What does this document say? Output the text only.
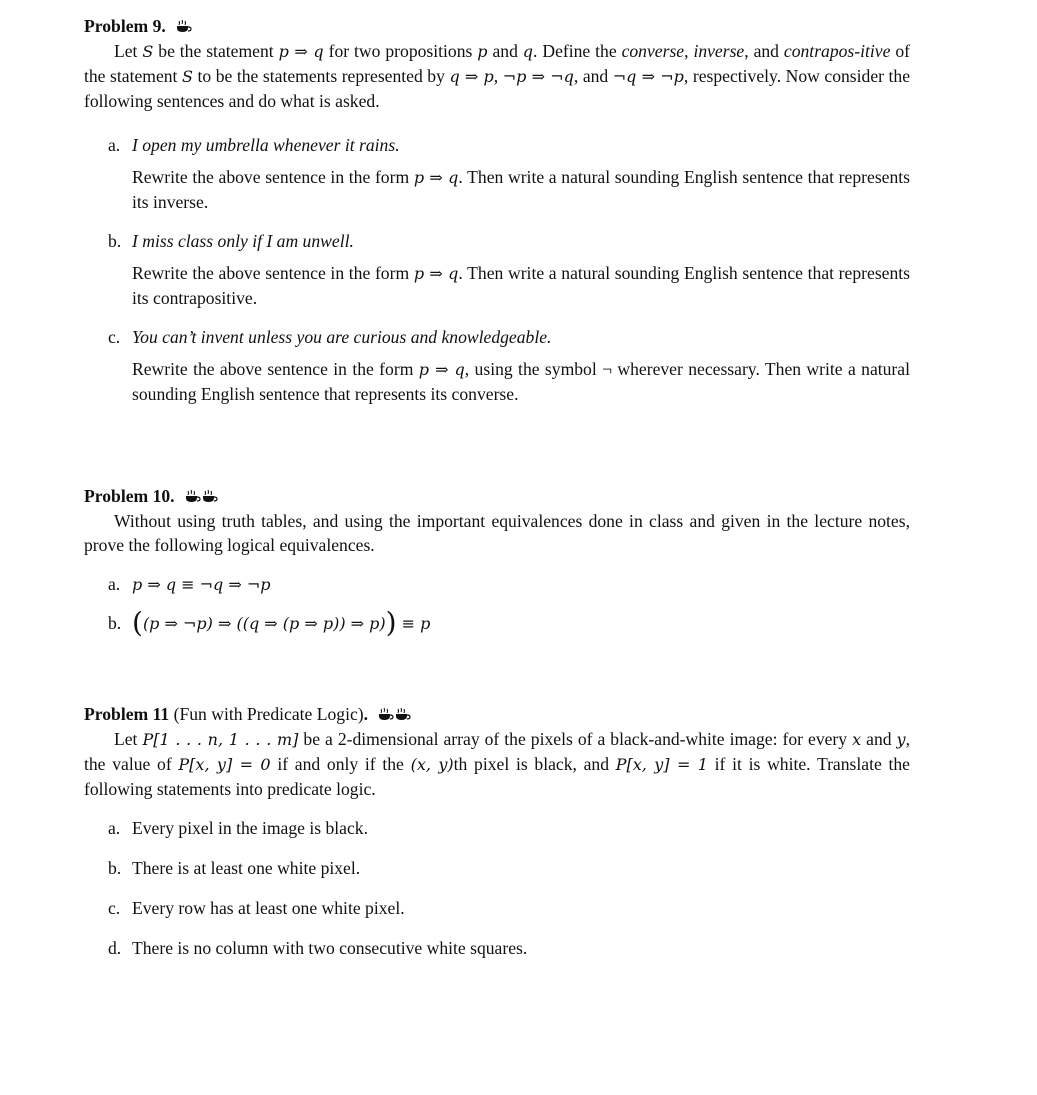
Problem 9.

Let S be the statement p ⇒ q for two propositions p and q. Define the converse, inverse, and contrapos-itive of the statement S to be the statements represented by q ⇒ p, ¬p ⇒ ¬q, and ¬q ⇒ ¬p, respectively. Now consider the following sentences and do what is asked.

a. I open my umbrella whenever it rains.

Rewrite the above sentence in the form p ⇒ q. Then write a natural sounding English sentence that represents its inverse.

b. I miss class only if I am unwell.

Rewrite the above sentence in the form p ⇒ q. Then write a natural sounding English sentence that represents its contrapositive.

c. You can’t invent unless you are curious and knowledgeable.

Rewrite the above sentence in the form p ⇒ q, using the symbol ¬ wherever necessary. Then write a natural sounding English sentence that represents its converse.

Problem 10.

Without using truth tables, and using the important equivalences done in class and given in the lecture notes, prove the following logical equivalences.

a. p ⇒ q ≡ ¬q ⇒ ¬p
b. ((p ⇒ ¬p) ⇒ ((q ⇒ (p ⇒ p)) ⇒ p)) ≡ p

Problem 11 (Fun with Predicate Logic).

Let P[1 . . . n, 1 . . . m] be a 2-dimensional array of the pixels of a black-and-white image: for every x and y, the value of P[x, y] = 0 if and only if the (x, y)th pixel is black, and P[x, y] = 1 if it is white. Translate the following statements into predicate logic.

a. Every pixel in the image is black.
b. There is at least one white pixel.
c. Every row has at least one white pixel.
d. There is no column with two consecutive white squares.
